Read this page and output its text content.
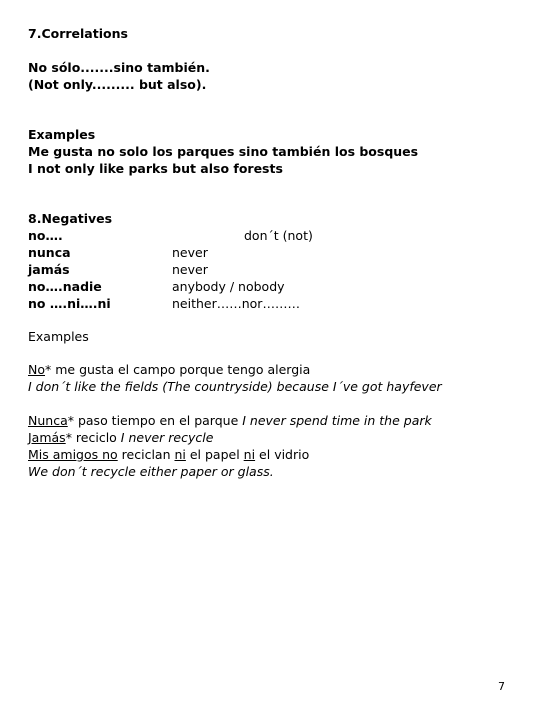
7.Correlations
No sólo.......sino también.
(Not only......... but also).
Examples
Me gusta no solo los parques sino también los bosques
I not only like parks but also forests
8.Negatives
no….	don´t (not)
nunca	never
jamás	never
no….nadie	anybody / nobody
no ….ni….ni	neither……nor………
Examples
No* me gusta el campo porque tengo alergia
I don´t like the fields (The countryside) because I´ve got hayfever
Nunca* paso tiempo en el parque I never spend time in the park
Jamás* reciclo I never recycle
Mis amigos no reciclan ni el papel ni el vidrio
We don´t recycle either paper or glass.
7
